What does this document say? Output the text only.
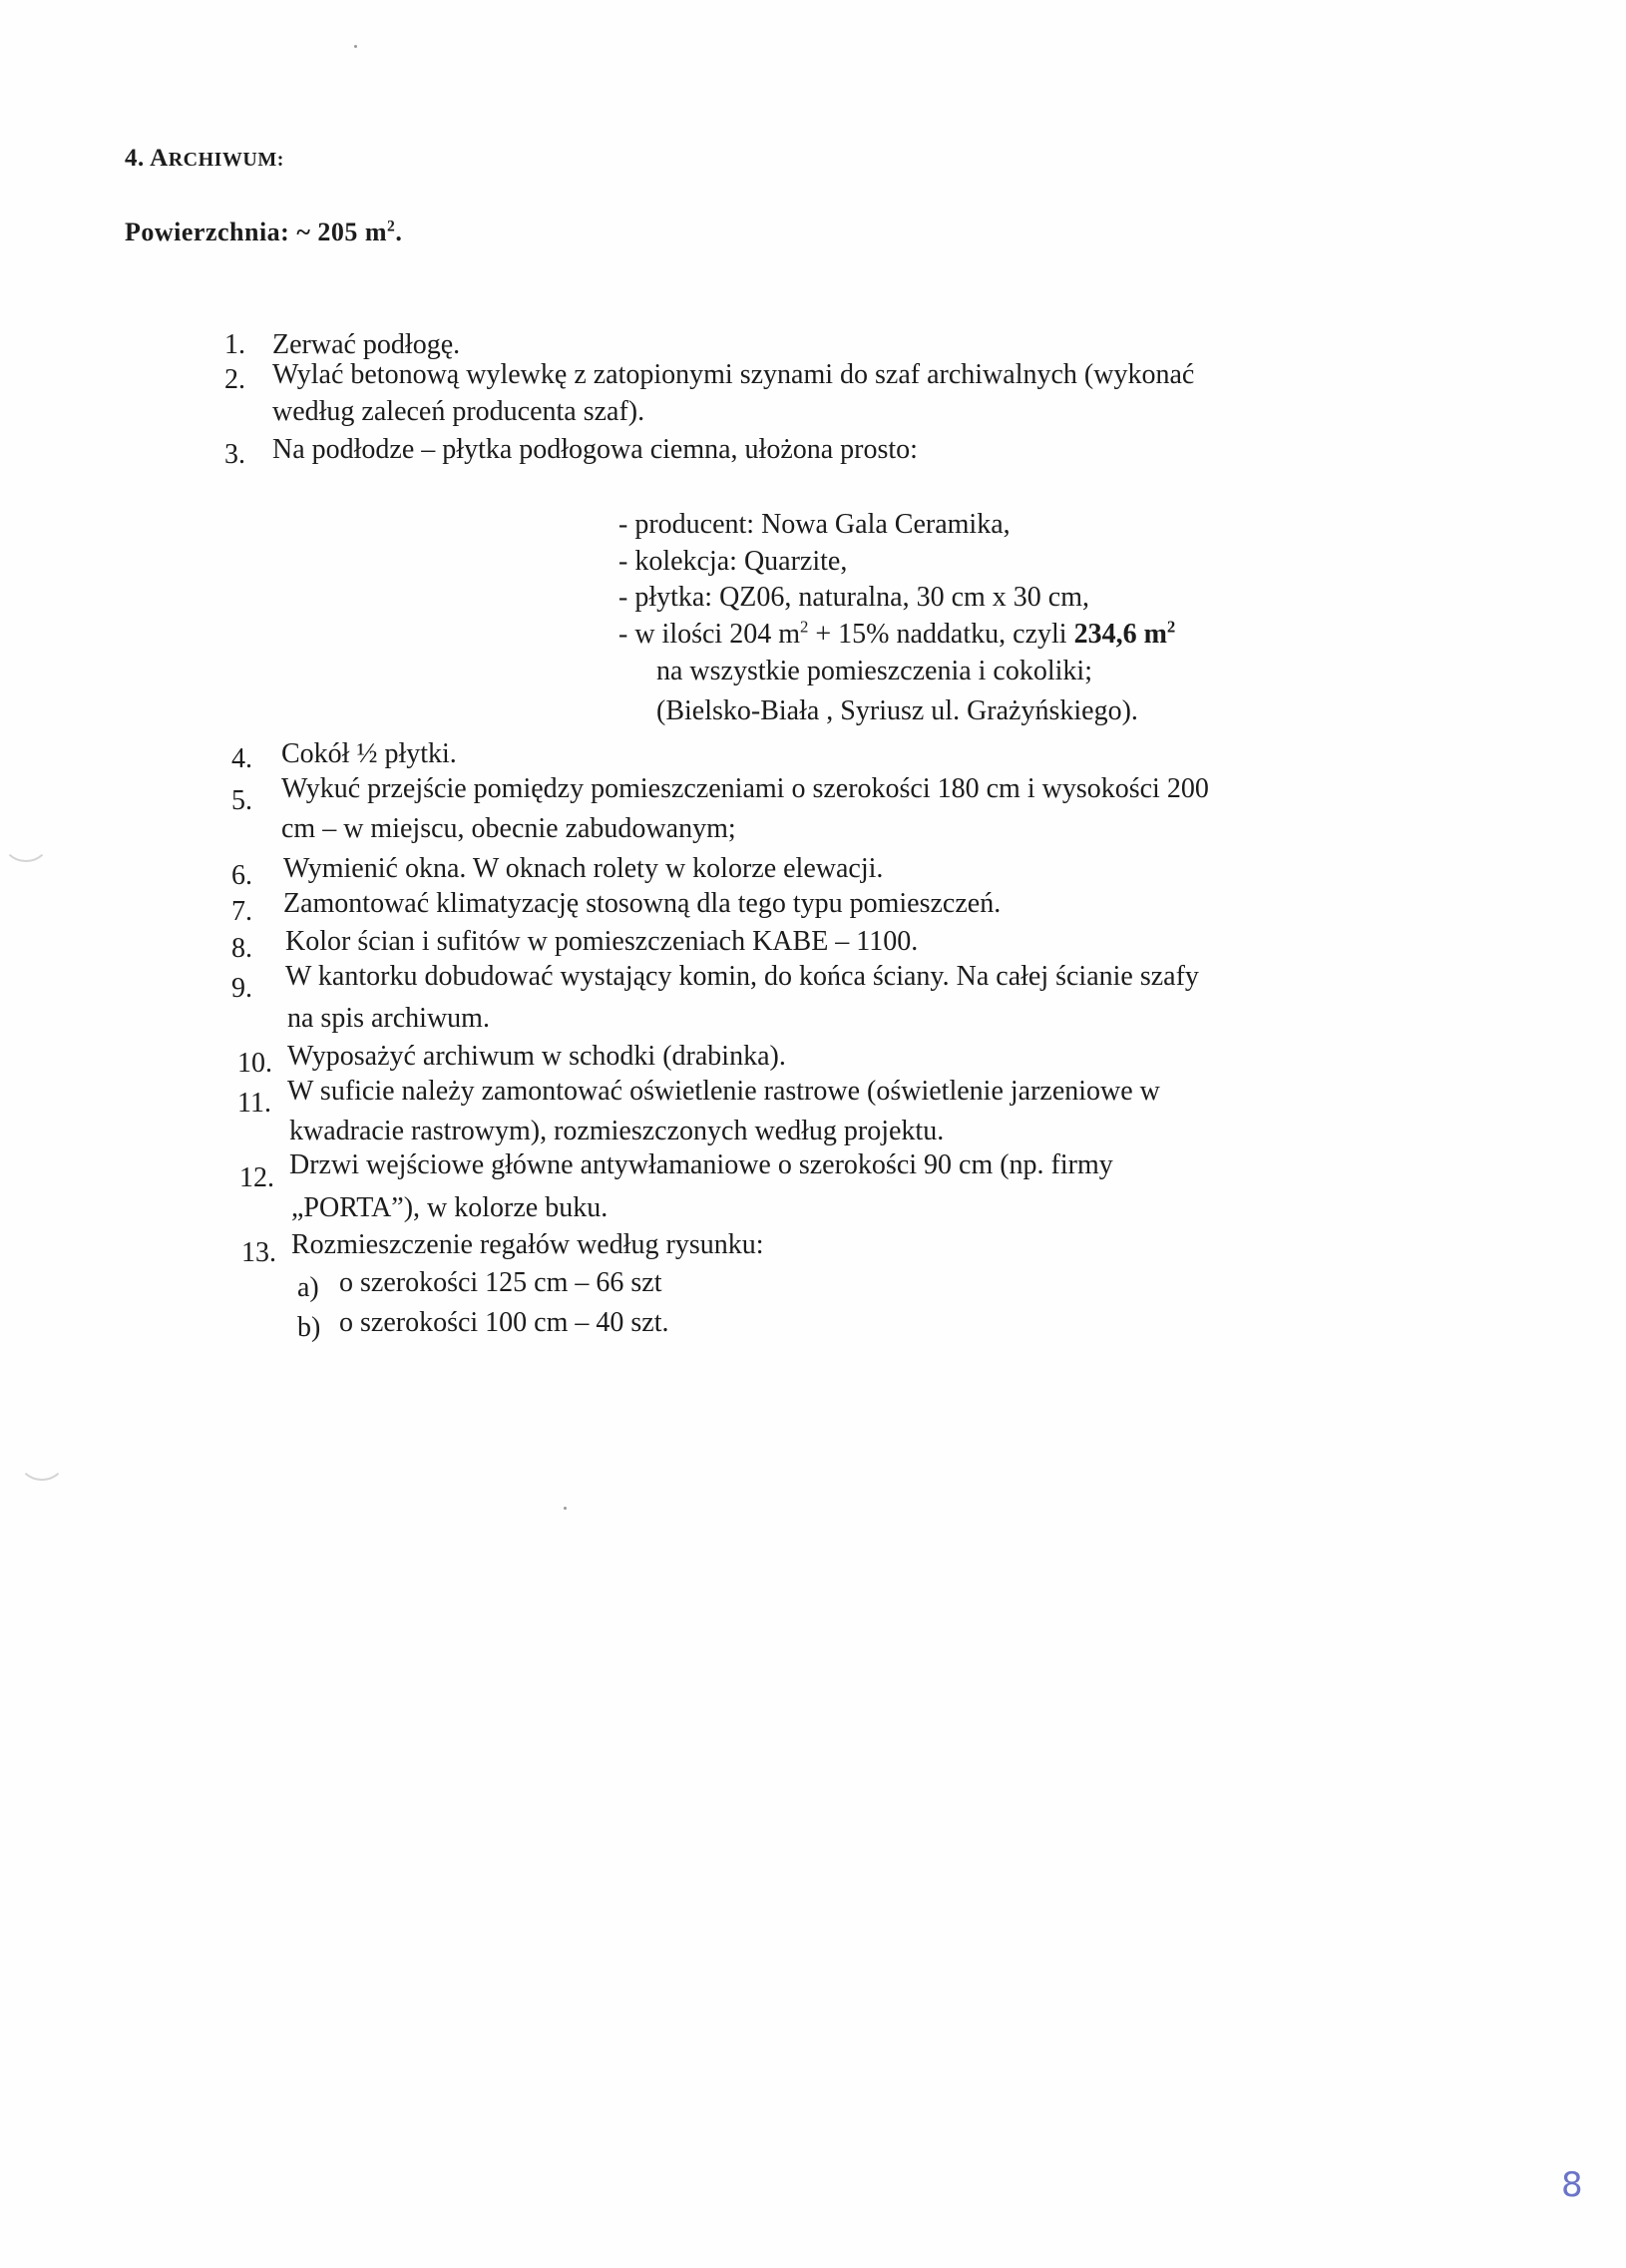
4. ARCHIWUM:
Powierzchnia: ~ 205 $m^2$.
1. Zerwać podłogę.
2. Wylać betonową wylewkę z zatopionymi szynami do szaf archiwalnych (wykonać
według zaleceń producenta szaf).
3. Na podłodze – płytka podłogowa ciemna, ułożona prosto:
- producent: Nowa Gala Ceramika,
- kolekcja: Quarzite,
- płytka: QZ06, naturalna, 30 cm x 30 cm,
- w ilości 204 $m^2 + 15\%$ naddatku, czyli 234,6 $m^2$
na wszystkie pomieszczenia i cokoliki;
(Bielsko-Biała , Syriusz ul. Grażyńskiego).
4. Cokół ½ płytki.
5. Wykuć przejście pomiędzy pomieszczeniami o szerokości 180 cm i wysokości 200
cm – w miejscu, obecnie zabudowanym;
6. Wymienić okna. W oknach rolety w kolorze elewacji.
7. Zamontować klimatyzację stosowną dla tego typu pomieszczeń.
8. Kolor ścian i sufitów w pomieszczeniach KABE – 1100.
9. W kantorku dobudować wystający komin, do końca ściany. Na całej ścianie szafy
na spis archiwum.
10. Wyposażyć archiwum w schodki (drabinka).
11. W suficie należy zamontować oświetlenie rastrowe (oświetlenie jarzeniowe w
kwadracie rastrowym), rozmieszczonych według projektu.
12. Drzwi wejściowe główne antywłamaniowe o szerokości 90 cm (np. firmy
„PORTA”), w kolorze buku.
13. Rozmieszczenie regałów według rysunku:
a) o szerokości 125 cm – 66 szt
b) o szerokości 100 cm – 40 szt.
8
